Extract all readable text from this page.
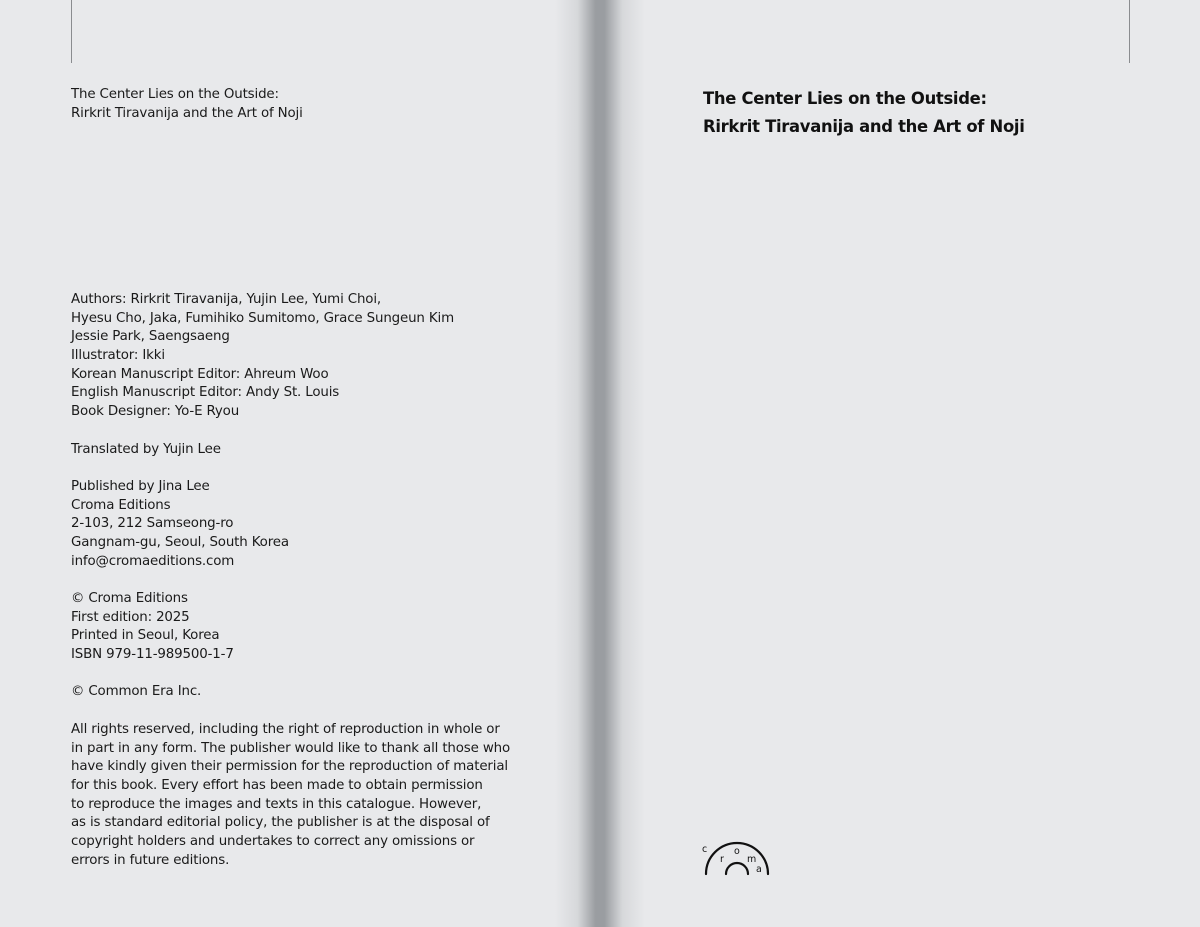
The Center Lies on the Outside:
Rirkrit Tiravanija and the Art of Noji
Authors: Rirkrit Tiravanija, Yujin Lee, Yumi Choi,
Hyesu Cho, Jaka, Fumihiko Sumitomo, Grace Sungeun Kim
Jessie Park, Saengsaeng
Illustrator: Ikki
Korean Manuscript Editor: Ahreum Woo
English Manuscript Editor: Andy St. Louis
Book Designer: Yo-E Ryou
Translated by Yujin Lee
Published by Jina Lee
Croma Editions
2-103, 212 Samseong-ro
Gangnam-gu, Seoul, South Korea
info@cromaeditions.com
© Croma Editions
First edition: 2025
Printed in Seoul, Korea
ISBN 979-11-989500-1-7
© Common Era Inc.
All rights reserved, including the right of reproduction in whole or
in part in any form. The publisher would like to thank all those who
have kindly given their permission for the reproduction of material
for this book. Every effort has been made to obtain permission
to reproduce the images and texts in this catalogue. However,
as is standard editorial policy, the publisher is at the disposal of
copyright holders and undertakes to correct any omissions or
errors in future editions.
The Center Lies on the Outside:
Rirkrit Tiravanija and the Art of Noji
c
r
o
m
a
